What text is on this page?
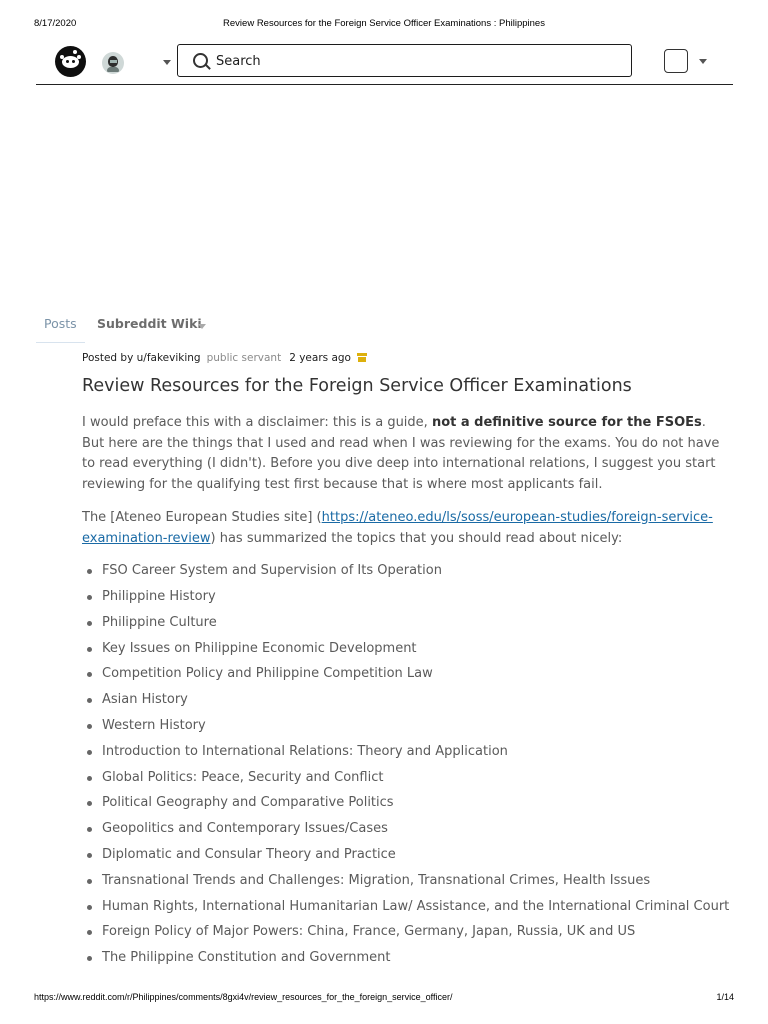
8/17/2020	Review Resources for the Foreign Service Officer Examinations : Philippines
Search
Posts Subreddit Wiki
Posted by u/fakeviking public servant 2 years ago
Review Resources for the Foreign Service Officer Examinations

I would preface this with a disclaimer: this is a guide, not a definitive source for the FSOEs. But here are the things that I used and read when I was reviewing for the exams. You do not have to read everything (I didn't). Before you dive deep into international relations, I suggest you start reviewing for the qualifying test first because that is where most applicants fail.

The [Ateneo European Studies site] (https://ateneo.edu/ls/soss/european-studies/foreign-service-examination-review) has summarized the topics that you should read about nicely:

FSO Career System and Supervision of Its Operation
Philippine History
Philippine Culture
Key Issues on Philippine Economic Development
Competition Policy and Philippine Competition Law
Asian History
Western History
Introduction to International Relations: Theory and Application
Global Politics: Peace, Security and Conflict
Political Geography and Comparative Politics
Geopolitics and Contemporary Issues/Cases
Diplomatic and Consular Theory and Practice
Transnational Trends and Challenges: Migration, Transnational Crimes, Health Issues
Human Rights, International Humanitarian Law/ Assistance, and the International Criminal Court
Foreign Policy of Major Powers: China, France, Germany, Japan, Russia, UK and US
The Philippine Constitution and Government
https://www.reddit.com/r/Philippines/comments/8gxi4v/review_resources_for_the_foreign_service_officer/	1/14
